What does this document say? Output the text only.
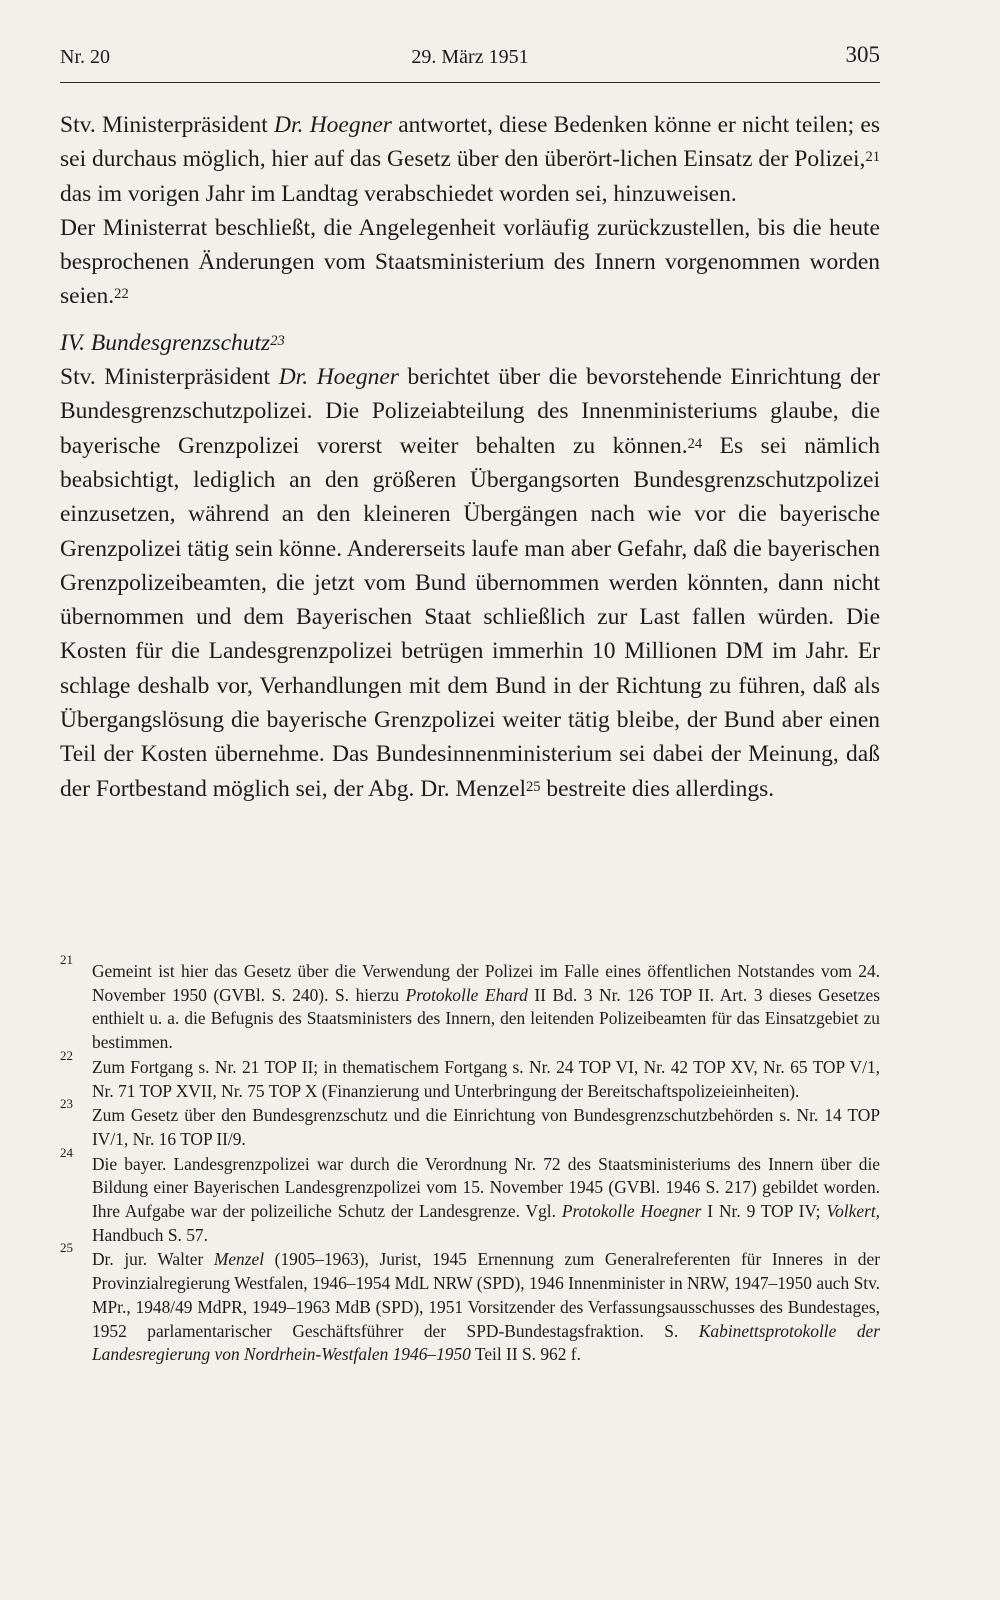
Nr. 20	29. März 1951	305

Stv. Ministerpräsident Dr. Hoegner antwortet, diese Bedenken könne er nicht teilen; es sei durchaus möglich, hier auf das Gesetz über den überört-lichen Einsatz der Polizei,$^{21}$ das im vorigen Jahr im Landtag verabschiedet worden sei, hinzuweisen.

Der Ministerrat beschließt, die Angelegenheit vorläufig zurückzustellen, bis die heute besprochenen Änderungen vom Staatsministerium des Innern vorgenommen worden seien.$^{22}$

IV. Bundesgrenzschutz$^{23}$

Stv. Ministerpräsident Dr. Hoegner berichtet über die bevorstehende Einrichtung der Bundesgrenzschutzpolizei. Die Polizeiabteilung des Innenministeriums glaube, die bayerische Grenzpolizei vorerst weiter behalten zu können.$^{24}$ Es sei nämlich beabsichtigt, lediglich an den größeren Übergangsorten Bundesgrenzschutzpolizei einzusetzen, während an den kleineren Übergängen nach wie vor die bayerische Grenzpolizei tätig sein könne. Andererseits laufe man aber Gefahr, daß die bayerischen Grenzpolizeibeamten, die jetzt vom Bund übernommen werden könnten, dann nicht übernommen und dem Bayerischen Staat schließlich zur Last fallen würden. Die Kosten für die Landesgrenzpolizei betrügen immerhin 10 Millionen DM im Jahr. Er schlage deshalb vor, Verhandlungen mit dem Bund in der Richtung zu führen, daß als Übergangslösung die bayerische Grenzpolizei weiter tätig bleibe, der Bund aber einen Teil der Kosten übernehme. Das Bundesinnenministerium sei dabei der Meinung, daß der Fortbestand möglich sei, der Abg. Dr. Menzel$^{25}$ bestreite dies allerdings.

21
Gemeint ist hier das Gesetz über die Verwendung der Polizei im Falle eines öffentlichen Notstandes vom 24. November 1950 (GVBl. S. 240). S. hierzu Protokolle Ehard II Bd. 3 Nr. 126 TOP II. Art. 3 dieses Gesetzes enthielt u. a. die Befugnis des Staatsministers des Innern, den leitenden Polizeibeamten für das Einsatzgebiet zu bestimmen.
22
Zum Fortgang s. Nr. 21 TOP II; in thematischem Fortgang s. Nr. 24 TOP VI, Nr. 42 TOP XV, Nr. 65 TOP V/1, Nr. 71 TOP XVII, Nr. 75 TOP X (Finanzierung und Unterbringung der Bereitschaftspolizeieinheiten).
23
Zum Gesetz über den Bundesgrenzschutz und die Einrichtung von Bundesgrenzschutzbehörden s. Nr. 14 TOP IV/1, Nr. 16 TOP II/9.
24
Die bayer. Landesgrenzpolizei war durch die Verordnung Nr. 72 des Staatsministeriums des Innern über die Bildung einer Bayerischen Landesgrenzpolizei vom 15. November 1945 (GVBl. 1946 S. 217) gebildet worden. Ihre Aufgabe war der polizeiliche Schutz der Landesgrenze. Vgl. Protokolle Hoegner I Nr. 9 TOP IV; Volkert, Handbuch S. 57.
25
Dr. jur. Walter Menzel (1905–1963), Jurist, 1945 Ernennung zum Generalreferenten für Inneres in der Provinzialregierung Westfalen, 1946–1954 MdL NRW (SPD), 1946 Innenminister in NRW, 1947–1950 auch Stv. MPr., 1948/49 MdPR, 1949–1963 MdB (SPD), 1951 Vorsitzender des Verfassungsausschusses des Bundestages, 1952 parlamentarischer Geschäftsführer der SPD-Bundestagsfraktion. S. Kabinettsprotokolle der Landesregierung von Nordrhein-Westfalen 1946–1950 Teil II S. 962 f.
